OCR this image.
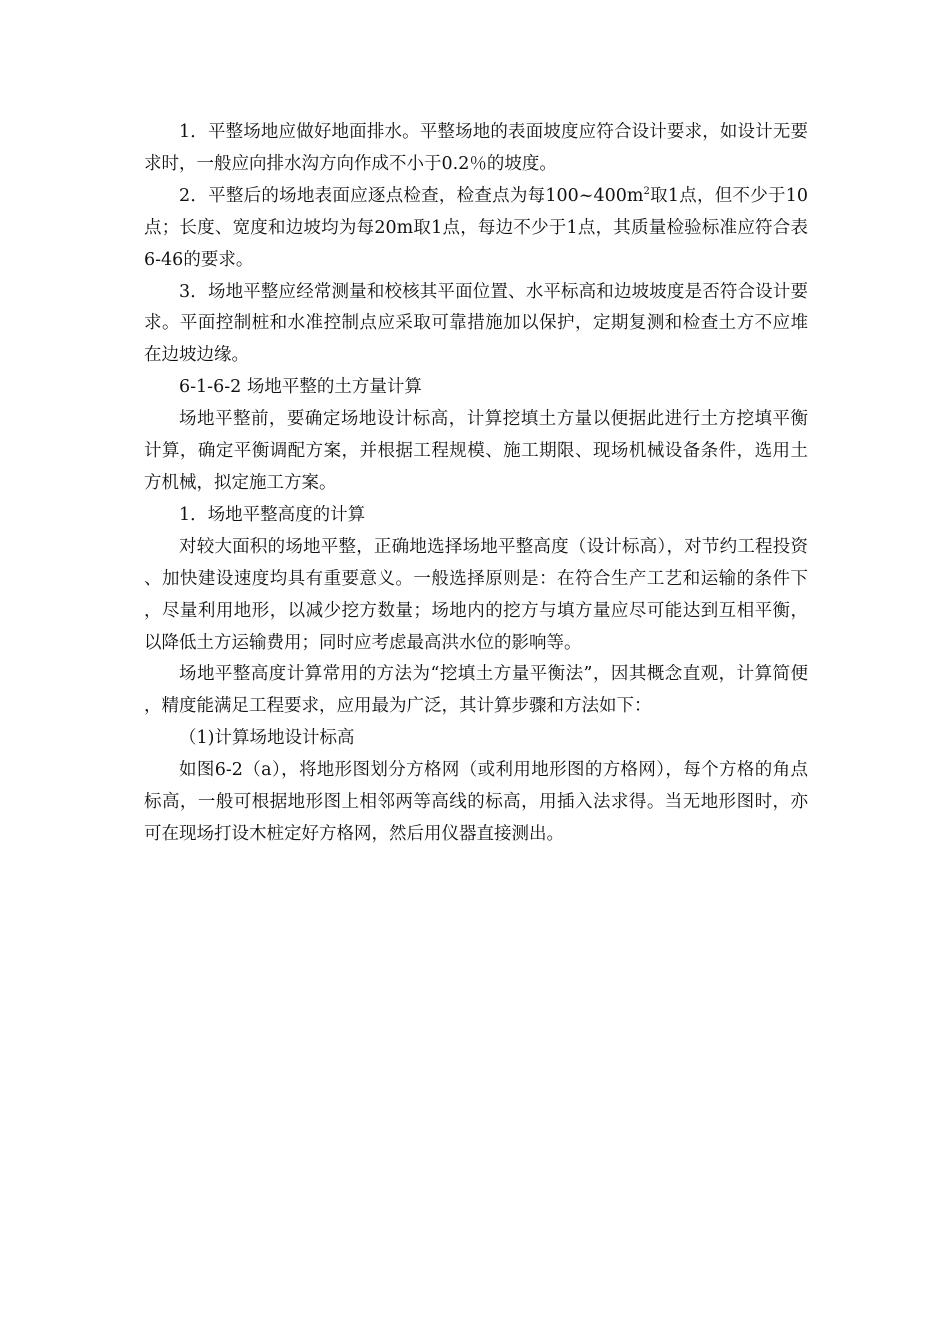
1．平整场地应做好地面排水。平整场地的表面坡度应符合设计要求，如设计无要求时，一般应向排水沟方向作成不小于0.2％的坡度。

2．平整后的场地表面应逐点检查，检查点为每$100\sim 400m^2$取1点，但不少于10点；长度、宽度和边坡均为每20m取1点，每边不少于1点，其质量检验标准应符合表6-46的要求。

3．场地平整应经常测量和校核其平面位置、水平标高和边坡坡度是否符合设计要求。平面控制桩和水准控制点应采取可靠措施加以保护，定期复测和检查土方不应堆在边坡边缘。

6-1-6-2 场地平整的土方量计算

场地平整前，要确定场地设计标高，计算挖填土方量以便据此进行土方挖填平衡计算，确定平衡调配方案，并根据工程规模、施工期限、现场机械设备条件，选用土方机械，拟定施工方案。

1．场地平整高度的计算

对较大面积的场地平整，正确地选择场地平整高度（设计标高），对节约工程投资、加快建设速度均具有重要意义。一般选择原则是：在符合生产工艺和运输的条件下，尽量利用地形，以减少挖方数量；场地内的挖方与填方量应尽可能达到互相平衡，以降低土方运输费用；同时应考虑最高洪水位的影响等。

场地平整高度计算常用的方法为“挖填土方量平衡法”，因其概念直观，计算简便，精度能满足工程要求，应用最为广泛，其计算步骤和方法如下：

（1)计算场地设计标高

如图6-2（a），将地形图划分方格网（或利用地形图的方格网），每个方格的角点标高，一般可根据地形图上相邻两等高线的标高，用插入法求得。当无地形图时，亦可在现场打设木桩定好方格网，然后用仪器直接测出。
